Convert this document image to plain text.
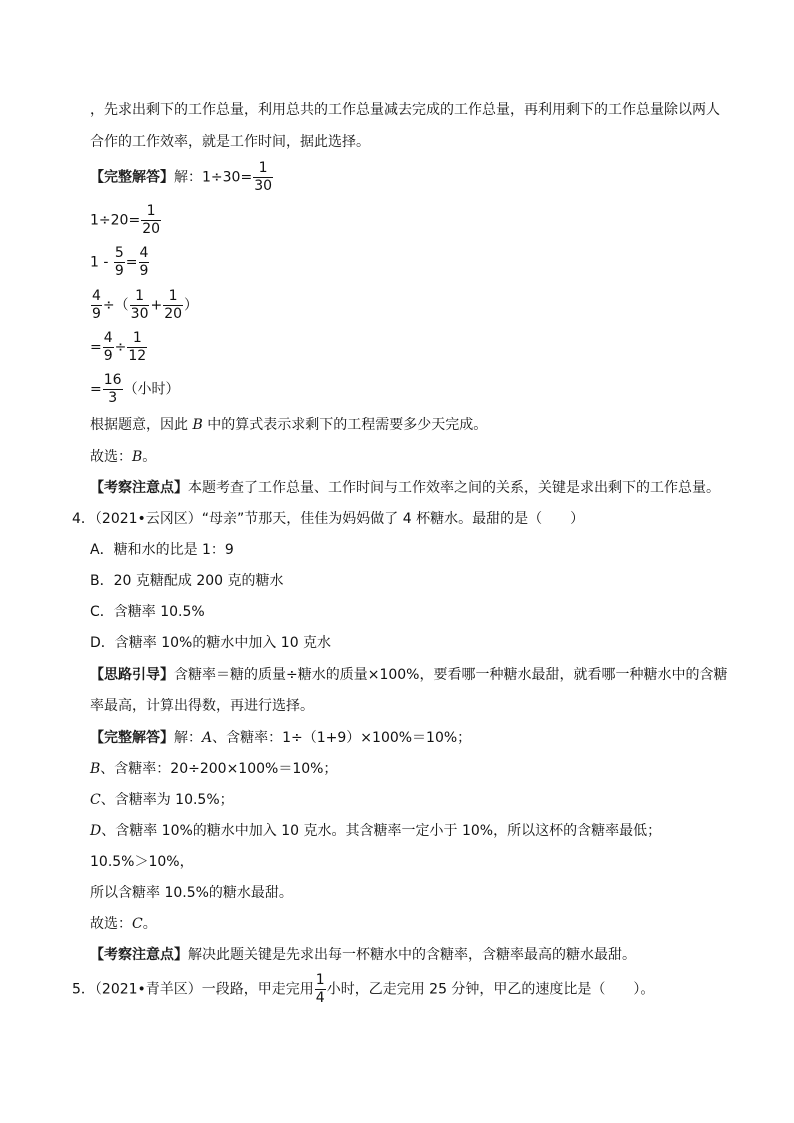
，先求出剩下的工作总量，利用总共的工作总量减去完成的工作总量，再利用剩下的工作总量除以两人
合作的工作效率，就是工作时间，据此选择。
【完整解答】解：$1\div 30= \frac{1}{30}$
$1\div 20= \frac{1}{20}$
$1 - \frac{5}{9} = \frac{4}{9}$
$\frac{4}{9}$ ÷（ $\frac{1}{30} + \frac{1}{20}$ ）
= $\frac{4}{9} \div \frac{1}{12}$
= $\frac{16}{3}$ （小时）
根据题意，因此 B 中的算式表示求剩下的工程需要多少天完成。
故选：B。
【考察注意点】本题考查了工作总量、工作时间与工作效率之间的关系，关键是求出剩下的工作总量。
4．（2021•云冈区）“母亲”节那天，佳佳为妈妈做了 4 杯糖水。最甜的是（　　）
A．糖和水的比是 1：9
B．20 克糖配成 200 克的糖水
C．含糖率 10.5%
D．含糖率 10%的糖水中加入 10 克水
【思路引导】含糖率＝糖的质量÷糖水的质量×100%，要看哪一种糖水最甜，就看哪一种糖水中的含糖
率最高，计算出得数，再进行选择。
【完整解答】解：A、含糖率：1÷（1+9）×100%＝10%；
B、含糖率：20÷200×100%＝10%；
C、含糖率为 10.5%；
D、含糖率 10%的糖水中加入 10 克水。其含糖率一定小于 10%，所以这杯的含糖率最低；
10.5%＞10%，
所以含糖率 10.5%的糖水最甜。
故选：C。
【考察注意点】解决此题关键是先求出每一杯糖水中的含糖率，含糖率最高的糖水最甜。
5．（2021•青羊区）一段路，甲走完用 $\frac{1}{4}$ 小时，乙走完用 25 分钟，甲乙的速度比是（　　）。
